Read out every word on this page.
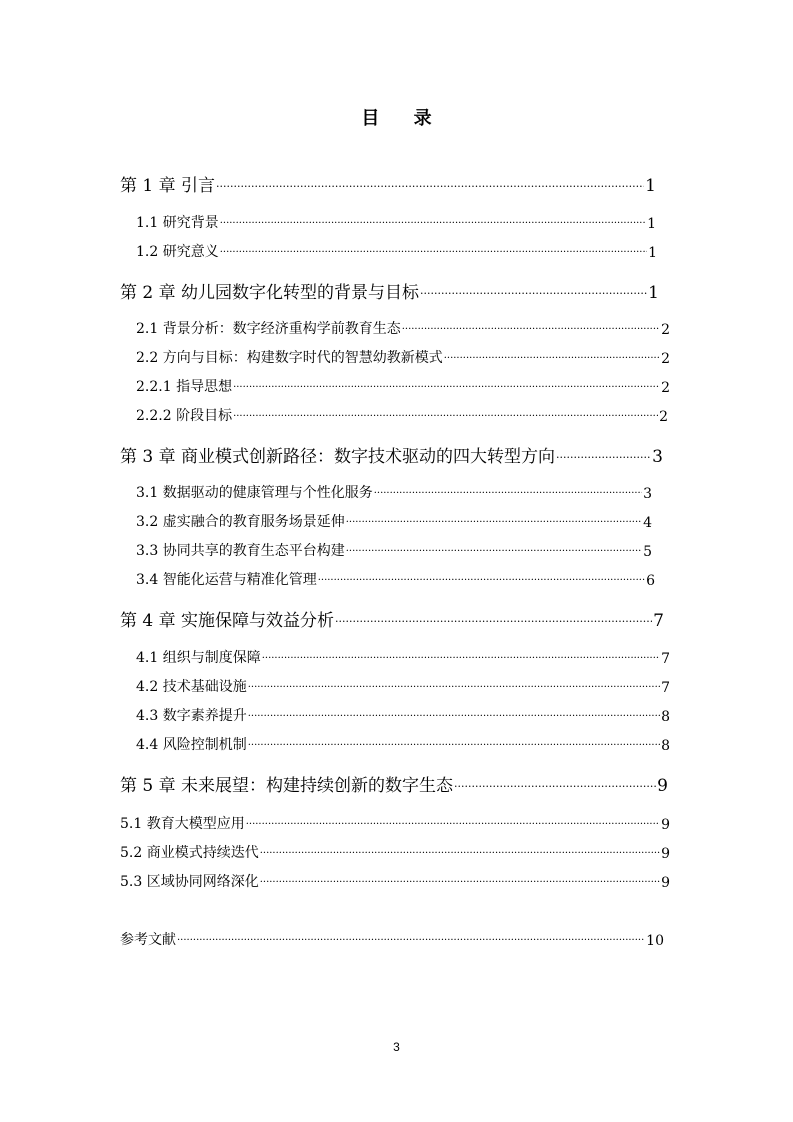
目 录
第 1 章 引言 ·····	1
1.1 研究背景 ·····	1
1.2 研究意义 ·····	1
第 2 章 幼儿园数字化转型的背景与目标 ·····	1
2.1 背景分析：数字经济重构学前教育生态 ·····	2
2.2 方向与目标：构建数字时代的智慧幼教新模式 ·····	2
2.2.1 指导思想 ·····	2
2.2.2 阶段目标 ·····	2
第 3 章 商业模式创新路径：数字技术驱动的四大转型方向 ·····	3
3.1 数据驱动的健康管理与个性化服务 ·····	3
3.2 虚实融合的教育服务场景延伸 ·····	4
3.3 协同共享的教育生态平台构建 ·····	5
3.4 智能化运营与精准化管理 ·····	6
第 4 章 实施保障与效益分析 ·····	7
4.1 组织与制度保障 ·····	7
4.2 技术基础设施 ·····	7
4.3 数字素养提升 ·····	8
4.4 风险控制机制 ·····	8
第 5 章 未来展望：构建持续创新的数字生态 ·····	9
5.1 教育大模型应用 ·····	9
5.2 商业模式持续迭代 ·····	9
5.3 区域协同网络深化 ·····	9
参考文献 ·····	10
3
